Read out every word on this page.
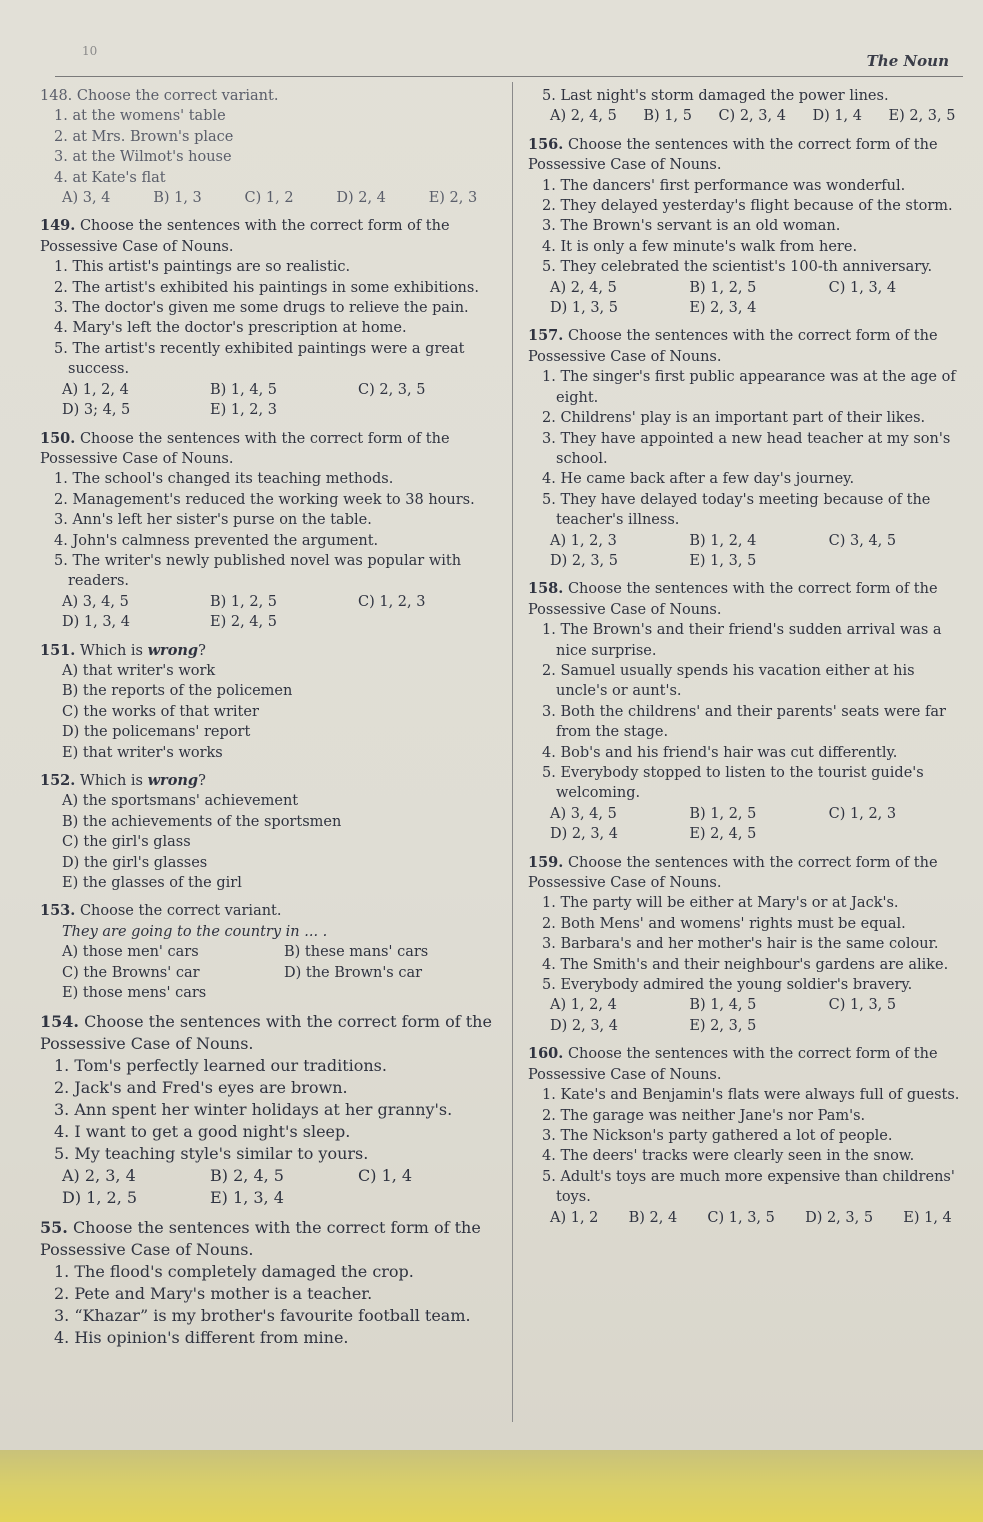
10
The Noun
148. Choose the correct variant.
1. at the womens' table
2. at Mrs. Brown's place
3. at the Wilmot's house
4. at Kate's flat
A) 3, 4	B) 1, 3	C) 1, 2	D) 2, 4	E) 2, 3
149. Choose the sentences with the correct form of the Possessive Case of Nouns.
1. This artist's paintings are so realistic.
2. The artist's exhibited his paintings in some exhibitions.
3. The doctor's given me some drugs to relieve the pain.
4. Mary's left the doctor's prescription at home.
5. The artist's recently exhibited paintings were a great success.
A) 1, 2, 4	B) 1, 4, 5	C) 2, 3, 5
D) 3; 4, 5	E) 1, 2, 3
150. Choose the sentences with the correct form of the Possessive Case of Nouns.
1. The school's changed its teaching methods.
2. Management's reduced the working week to 38 hours.
3. Ann's left her sister's purse on the table.
4. John's calmness prevented the argument.
5. The writer's newly published novel was popular with readers.
A) 3, 4, 5	B) 1, 2, 5	C) 1, 2, 3
D) 1, 3, 4	E) 2, 4, 5
151. Which is wrong?
A) that writer's work
B) the reports of the policemen
C) the works of that writer
D) the policemans' report
E) that writer's works
152. Which is wrong?
A) the sportsmans' achievement
B) the achievements of the sportsmen
C) the girl's glass
D) the girl's glasses
E) the glasses of the girl
153. Choose the correct variant.
They are going to the country in ... .
A) those men' cars	B) these mans' cars
C) the Browns' car	D) the Brown's car
E) those mens' cars
154. Choose the sentences with the correct form of the Possessive Case of Nouns.
1. Tom's perfectly learned our traditions.
2. Jack's and Fred's eyes are brown.
3. Ann spent her winter holidays at her granny's.
4. I want to get a good night's sleep.
5. My teaching style's similar to yours.
A) 2, 3, 4	B) 2, 4, 5	C) 1, 4
D) 1, 2, 5	E) 1, 3, 4
55. Choose the sentences with the correct form of the Possessive Case of Nouns.
1. The flood's completely damaged the crop.
2. Pete and Mary's mother is a teacher.
3. “Khazar” is my brother's favourite football team.
4. His opinion's different from mine.
5. Last night's storm damaged the power lines.
A) 2, 4, 5	B) 1, 5	C) 2, 3, 4	D) 1, 4	E) 2, 3, 5
156. Choose the sentences with the correct form of the Possessive Case of Nouns.
1. The dancers' first performance was wonderful.
2. They delayed yesterday's flight because of the storm.
3. The Brown's servant is an old woman.
4. It is only a few minute's walk from here.
5. They celebrated the scientist's 100-th anniversary.
A) 2, 4, 5	B) 1, 2, 5	C) 1, 3, 4
D) 1, 3, 5	E) 2, 3, 4
157. Choose the sentences with the correct form of the Possessive Case of Nouns.
1. The singer's first public appearance was at the age of eight.
2. Childrens' play is an important part of their likes.
3. They have appointed a new head teacher at my son's school.
4. He came back after a few day's journey.
5. They have delayed today's meeting because of the teacher's illness.
A) 1, 2, 3	B) 1, 2, 4	C) 3, 4, 5
D) 2, 3, 5	E) 1, 3, 5
158. Choose the sentences with the correct form of the Possessive Case of Nouns.
1. The Brown's and their friend's sudden arrival was a nice surprise.
2. Samuel usually spends his vacation either at his uncle's or aunt's.
3. Both the childrens' and their parents' seats were far from the stage.
4. Bob's and his friend's hair was cut differently.
5. Everybody stopped to listen to the tourist guide's welcoming.
A) 3, 4, 5	B) 1, 2, 5	C) 1, 2, 3
D) 2, 3, 4	E) 2, 4, 5
159. Choose the sentences with the correct form of the Possessive Case of Nouns.
1. The party will be either at Mary's or at Jack's.
2. Both Mens' and womens' rights must be equal.
3. Barbara's and her mother's hair is the same colour.
4. The Smith's and their neighbour's gardens are alike.
5. Everybody admired the young soldier's bravery.
A) 1, 2, 4	B) 1, 4, 5	C) 1, 3, 5
D) 2, 3, 4	E) 2, 3, 5
160. Choose the sentences with the correct form of the Possessive Case of Nouns.
1. Kate's and Benjamin's flats were always full of guests.
2. The garage was neither Jane's nor Pam's.
3. The Nickson's party gathered a lot of people.
4. The deers' tracks were clearly seen in the snow.
5. Adult's toys are much more expensive than childrens' toys.
A) 1, 2	B) 2, 4	C) 1, 3, 5	D) 2, 3, 5	E) 1, 4
